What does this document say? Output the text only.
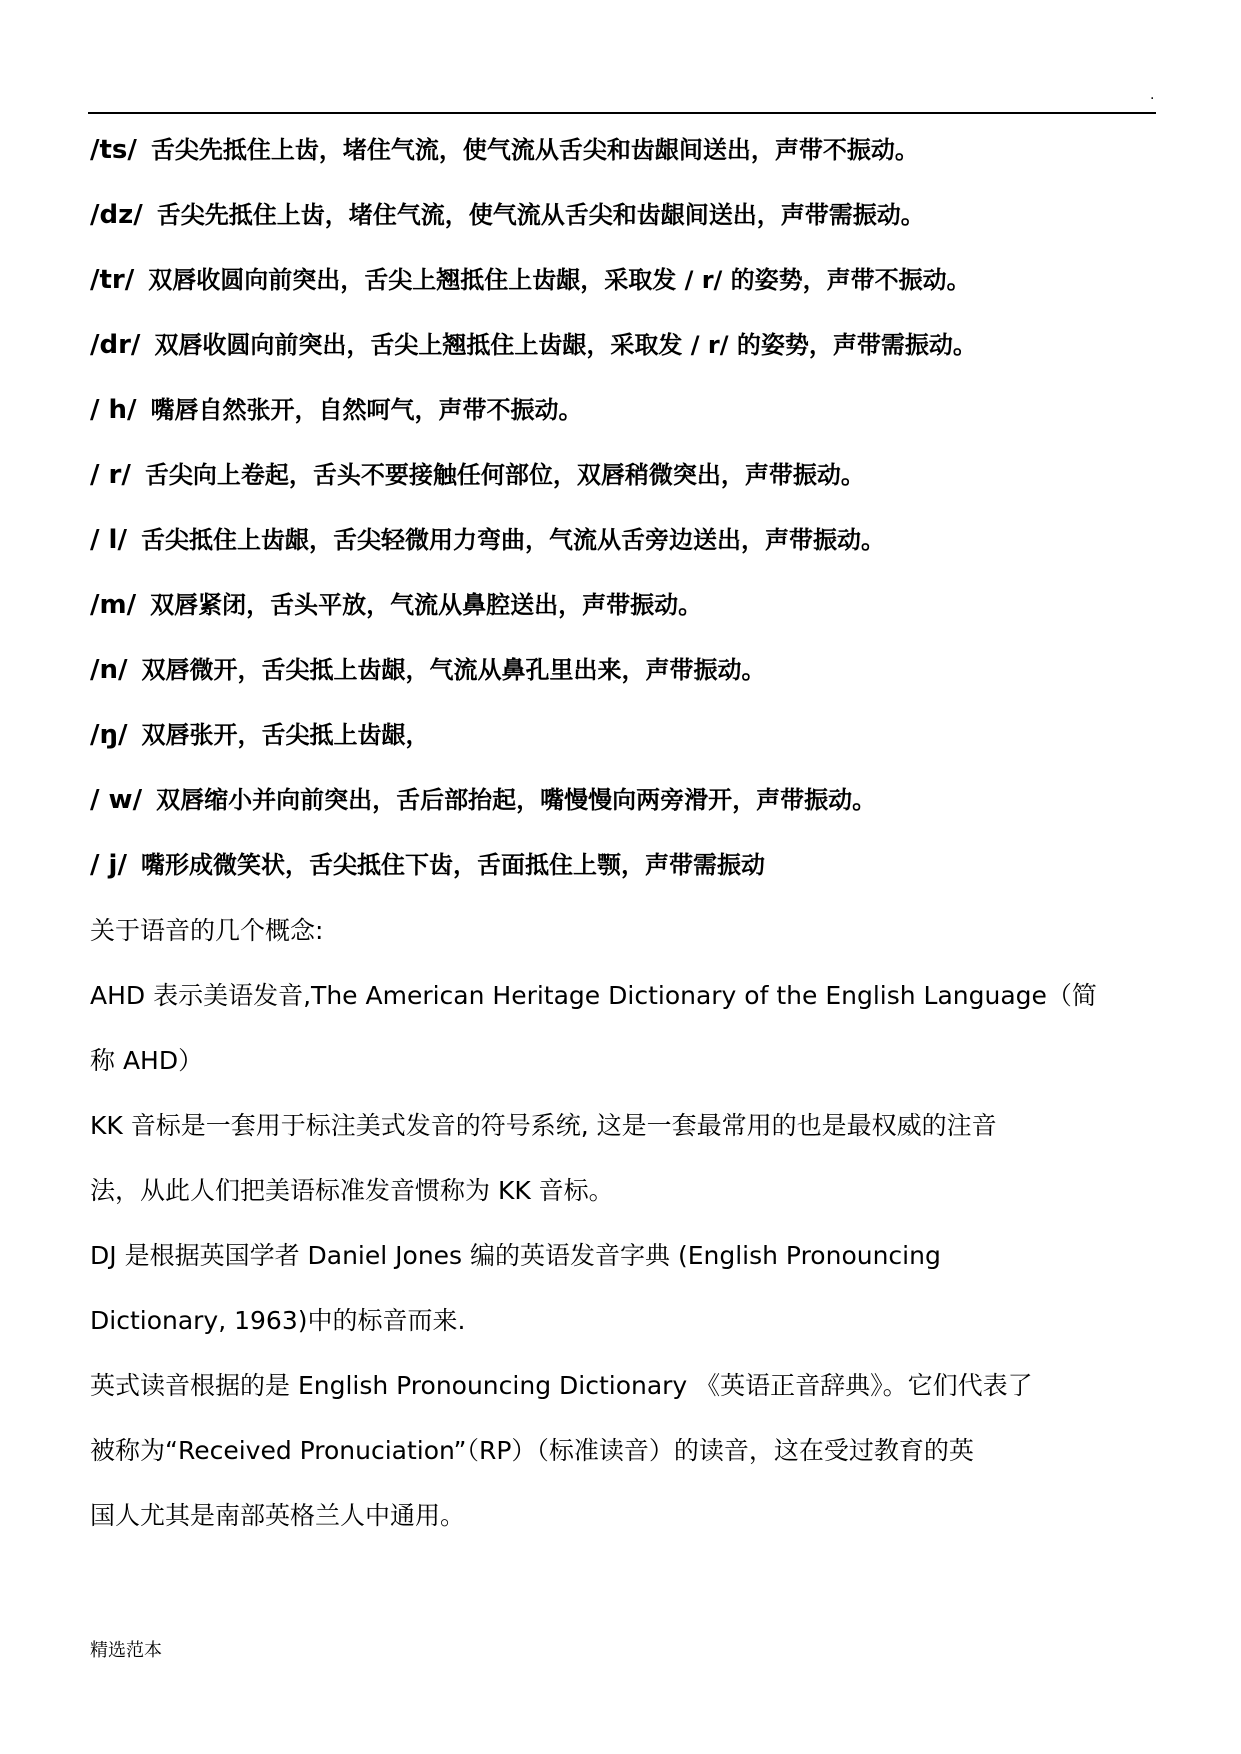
.
/ts/ 舌尖先抵住上齿，堵住气流，使气流从舌尖和齿龈间送出，声带不振动。
/dz/ 舌尖先抵住上齿，堵住气流，使气流从舌尖和齿龈间送出，声带需振动。
/tr/ 双唇收圆向前突出，舌尖上翘抵住上齿龈，采取发 / r/ 的姿势，声带不振动。
/dr/ 双唇收圆向前突出，舌尖上翘抵住上齿龈，采取发 / r/ 的姿势，声带需振动。
/ h/ 嘴唇自然张开，自然呵气，声带不振动。
/ r/ 舌尖向上卷起，舌头不要接触任何部位，双唇稍微突出，声带振动。
/ l/ 舌尖抵住上齿龈，舌尖轻微用力弯曲，气流从舌旁边送出，声带振动。
/m/ 双唇紧闭，舌头平放，气流从鼻腔送出，声带振动。
/n/ 双唇微开，舌尖抵上齿龈，气流从鼻孔里出来，声带振动。
/ŋ/ 双唇张开，舌尖抵上齿龈，
/ w/ 双唇缩小并向前突出，舌后部抬起，嘴慢慢向两旁滑开，声带振动。
/ j/ 嘴形成微笑状，舌尖抵住下齿，舌面抵住上颚，声带需振动
关于语音的几个概念:
AHD 表示美语发音,The American Heritage Dictionary of the English Language（简
称 AHD）
KK 音标是一套用于标注美式发音的符号系统, 这是一套最常用的也是最权威的注音
法，从此人们把美语标准发音惯称为 KK 音标。
DJ 是根据英国学者 Daniel Jones 编的英语发音字典 (English Pronouncing
Dictionary, 1963)中的标音而来.
英式读音根据的是 English Pronouncing Dictionary 《英语正音辞典》。它们代表了
被称为“Received Pronuciation”（RP）（标准读音）的读音，这在受过教育的英
国人尤其是南部英格兰人中通用。
精选范本
